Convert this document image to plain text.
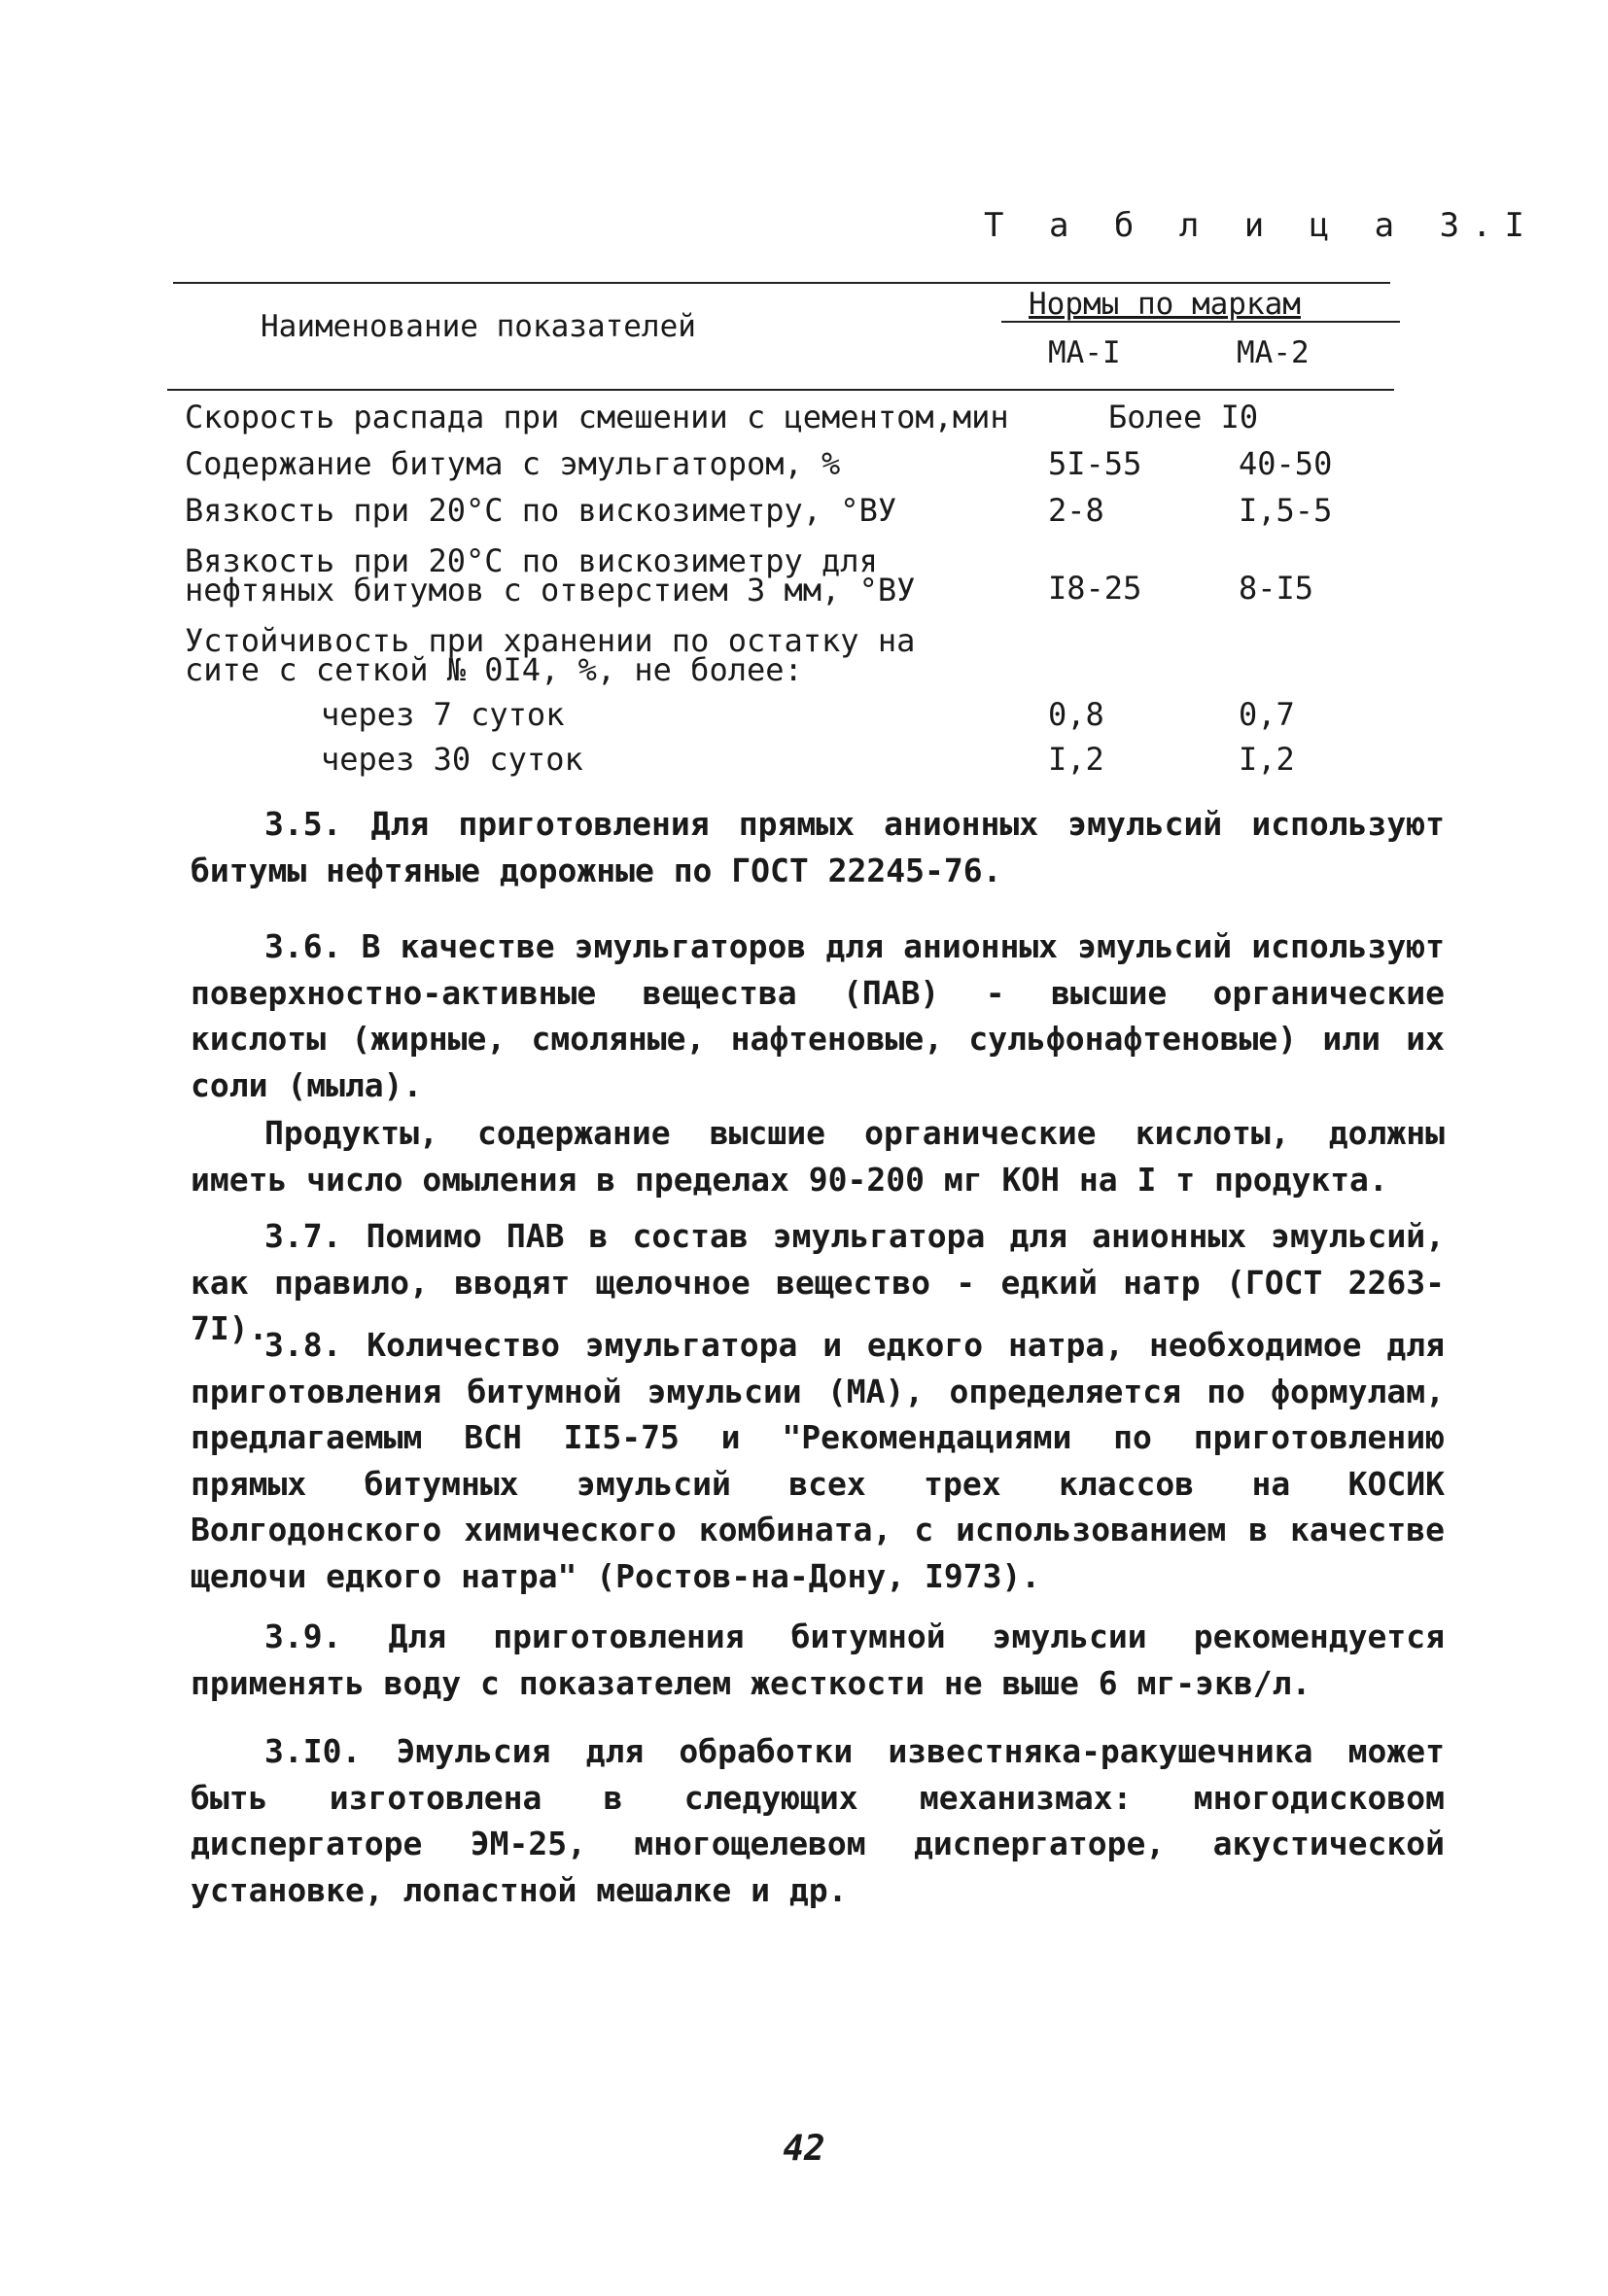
Т а б л и ц а 3.I
Наименование показателей
Нормы по маркам
МА-I	МА-2
Скорость распада при смешении с цементом,мин	Более I0
Содержание битума с эмульгатором, %	5I-55	40-50
Вязкость при 20°С по вискозиметру, °ВУ	2-8	I,5-5
Вязкость при 20°С по вискозиметру для
нефтяных битумов с отверстием 3 мм, °ВУ	I8-25	8-I5
Устойчивость при хранении по остатку на
сите с сеткой № 0I4, %, не более:
через 7 суток	0,8	0,7
через 30 суток	I,2	I,2

3.5. Для приготовления прямых анионных эмульсий используют битумы нефтяные дорожные по ГОСТ 22245-76.

3.6. В качестве эмульгаторов для анионных эмульсий используют поверхностно-активные вещества (ПАВ) - высшие органические кислоты (жирные, смоляные, нафтеновые, сульфонафтеновые) или их соли (мыла).

Продукты, содержание высшие органические кислоты, должны иметь число омыления в пределах 90-200 мг КОН на I т продукта.

3.7. Помимо ПАВ в состав эмульгатора для анионных эмульсий, как правило, вводят щелочное вещество - едкий натр (ГОСТ 2263-7I).

3.8. Количество эмульгатора и едкого натра, необходимое для приготовления битумной эмульсии (МА), определяется по формулам, предлагаемым ВСН II5-75 и "Рекомендациями по приготовлению прямых битумных эмульсий всех трех классов на КОСИК Волгодонского химического комбината, с использованием в качестве щелочи едкого натра" (Ростов-на-Дону, I973).

3.9. Для приготовления битумной эмульсии рекомендуется применять воду с показателем жесткости не выше 6 мг-экв/л.

3.I0. Эмульсия для обработки известняка-ракушечника может быть изготовлена в следующих механизмах: многодисковом диспергаторе ЭМ-25, многощелевом диспергаторе, акустической установке, лопастной мешалке и др.

42
